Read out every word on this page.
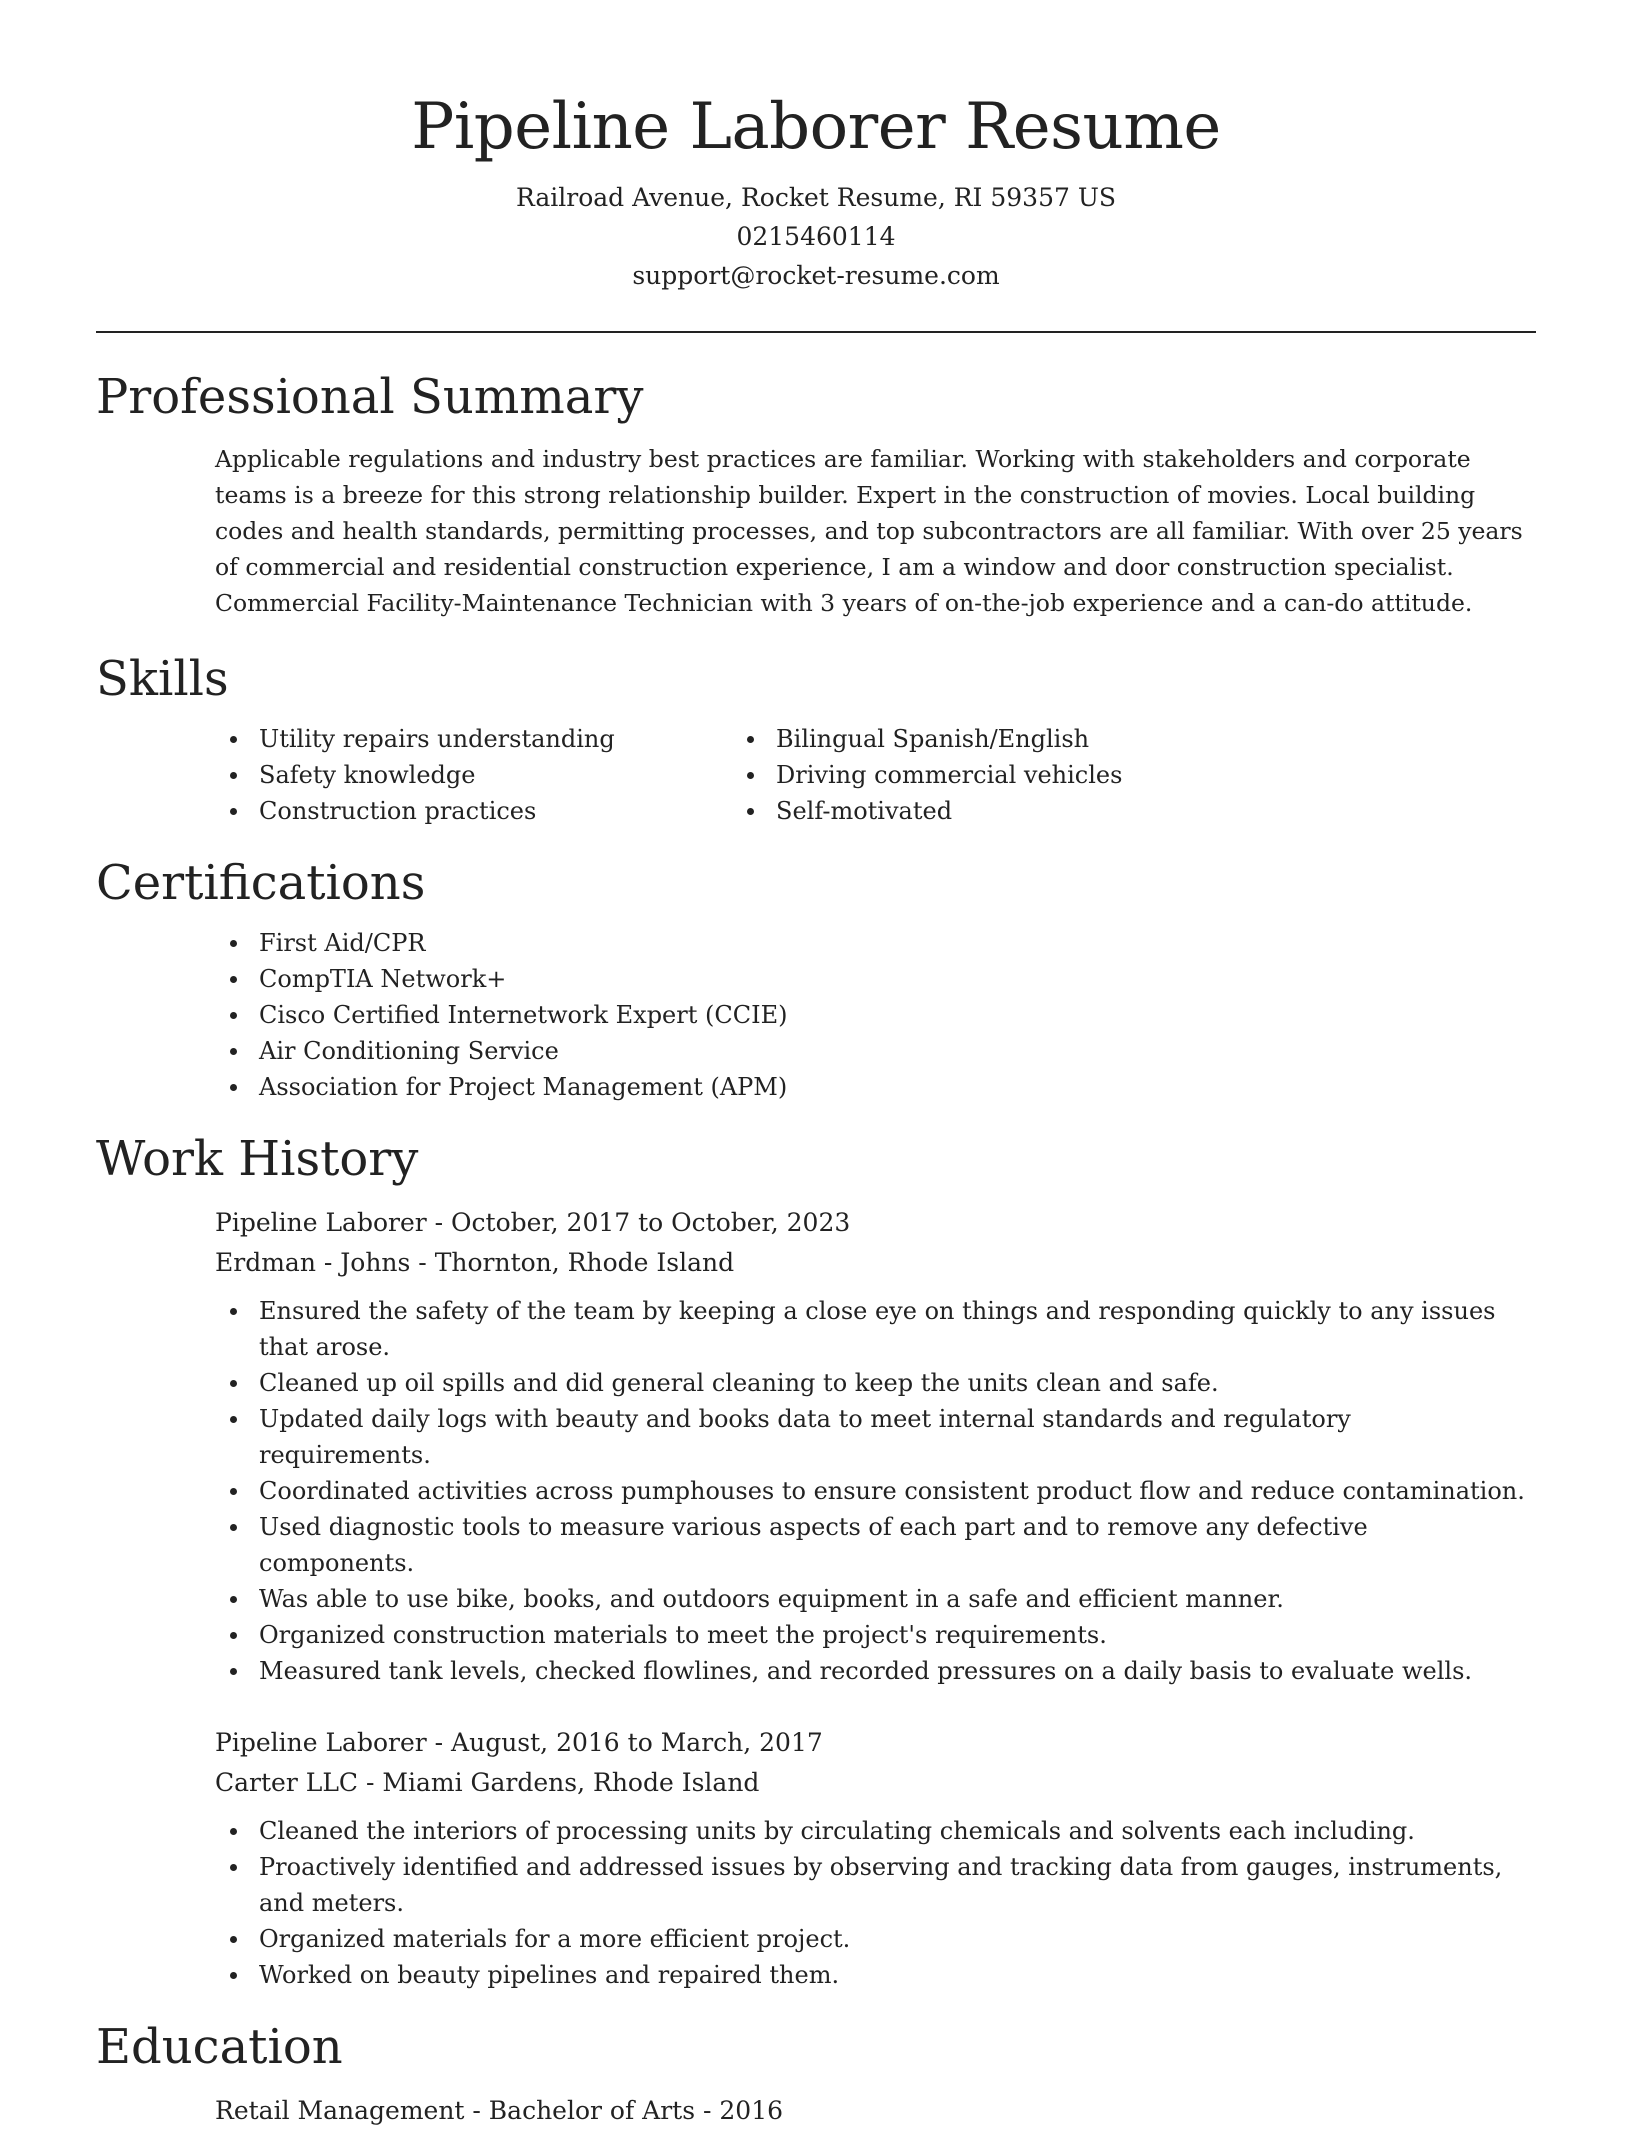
Pipeline Laborer Resume

Railroad Avenue, Rocket Resume, RI 59357 US

0215460114

support@rocket-resume.com

Professional Summary

Applicable regulations and industry best practices are familiar. Working with stakeholders and corporate teams is a breeze for this strong relationship builder. Expert in the construction of movies. Local building codes and health standards, permitting processes, and top subcontractors are all familiar. With over 25 years of commercial and residential construction experience, I am a window and door construction specialist. Commercial Facility-Maintenance Technician with 3 years of on-the-job experience and a can-do attitude.

Skills
Utility repairs understanding
Safety knowledge
Construction practices
Bilingual Spanish/English
Driving commercial vehicles
Self-motivated
Certifications
First Aid/CPR
CompTIA Network+
Cisco Certified Internetwork Expert (CCIE)
Air Conditioning Service
Association for Project Management (APM)
Work History

Pipeline Laborer - October, 2017 to October, 2023

Erdman - Johns - Thornton, Rhode Island

Ensured the safety of the team by keeping a close eye on things and responding quickly to any issues that arose.
Cleaned up oil spills and did general cleaning to keep the units clean and safe.
Updated daily logs with beauty and books data to meet internal standards and regulatory requirements.
Coordinated activities across pumphouses to ensure consistent product flow and reduce contamination.
Used diagnostic tools to measure various aspects of each part and to remove any defective components.
Was able to use bike, books, and outdoors equipment in a safe and efficient manner.
Organized construction materials to meet the project's requirements.
Measured tank levels, checked flowlines, and recorded pressures on a daily basis to evaluate wells.

Pipeline Laborer - August, 2016 to March, 2017

Carter LLC - Miami Gardens, Rhode Island

Cleaned the interiors of processing units by circulating chemicals and solvents each including.
Proactively identified and addressed issues by observing and tracking data from gauges, instruments, and meters.
Organized materials for a more efficient project.
Worked on beauty pipelines and repaired them.
Education

Retail Management - Bachelor of Arts - 2016
